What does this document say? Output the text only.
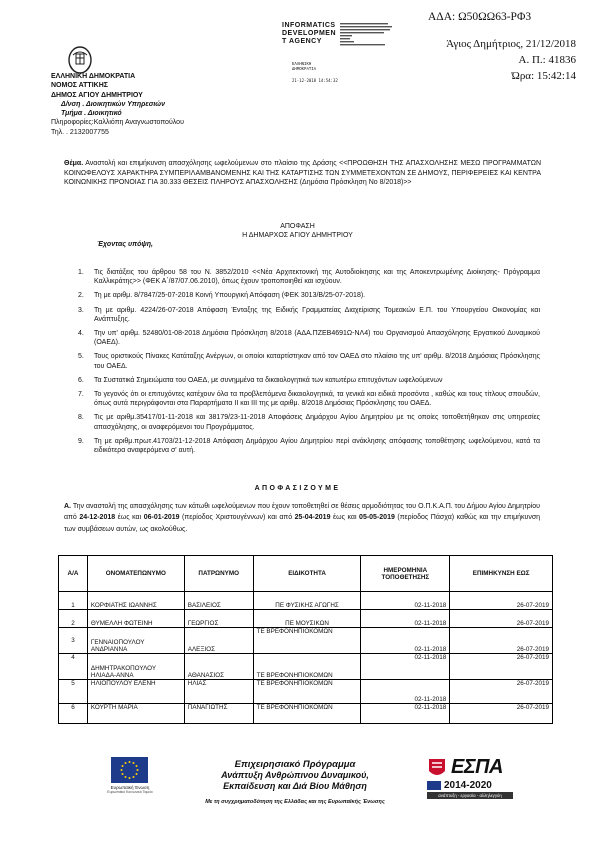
INFORMATICS
DEVELOPMEN
T AGENCY
ΕΛΛΗΝΙΚΗ
ΔΗΜΟΚΡΑΤΙΑ
21-12-2018 14:54:32
ΑΔΑ: Ω50ΩΩ63-ΡΦ3
Άγιος Δημήτριος, 21/12/2018
Α. Π.: 41836
Ώρα: 15:42:14
ΕΛΛΗΝΙΚΗ ΔΗΜΟΚΡΑΤΙΑ
ΝΟΜΟΣ ΑΤΤΙΚΗΣ
ΔΗΜΟΣ ΑΓΙΟΥ ΔΗΜΗΤΡΙΟΥ
Δ/νση . Διοικητικών Υπηρεσιών
Τμήμα . Διοικητικό
Πληροφορίες:Καλλιόπη Αναγνωστοπούλου
Τηλ. . 2132007755
Θέμα. Αναστολή και επιμήκυνση απασχόλησης ωφελούμενων στο πλαίσιο της Δράσης <<ΠΡΟΩΘΗΣΗ ΤΗΣ ΑΠΑΣΧΟΛΗΣΗΣ ΜΕΣΩ ΠΡΟΓΡΑΜΜΑΤΩΝ ΚΟΙΝΩΦΕΛΟΥΣ ΧΑΡΑΚΤΗΡΑ ΣΥΜΠΕΡΙΛΑΜΒΑΝΟΜΕΝΗΣ ΚΑΙ ΤΗΣ ΚΑΤΑΡΤΙΣΗΣ ΤΩΝ ΣΥΜΜΕΤΕΧΟΝΤΩΝ ΣΕ ΔΗΜΟΥΣ, ΠΕΡΙΦΕΡΕΙΕΣ ΚΑΙ ΚΕΝΤΡΑ ΚΟΙΝΩΝΙΚΗΣ ΠΡΟΝΟΙΑΣ ΓΙΑ 30.333 ΘΕΣΕΙΣ ΠΛΗΡΟΥΣ ΑΠΑΣΧΟΛΗΣΗΣ (Δημόσια Πρόσκληση Νο 8/2018)>>
ΑΠΟΦΑΣΗ
Η ΔΗΜΑΡΧΟΣ ΑΓΙΟΥ ΔΗΜΗΤΡΙΟΥ
Έχοντας υπόψη,
1. Τις διατάξεις του άρθρου 58 του Ν. 3852/2010 <<Νέα Αρχιτεκτονική της Αυτοδιοίκησης και της Αποκεντρωμένης Διοίκησης- Πρόγραμμα Καλλικράτης>> (ΦΕΚ Α΄/87/07.06.2010), όπως έχουν τροποποιηθεί και ισχύουν.
2. Τη με αριθμ. 8/7847/25-07-2018 Κοινή Υπουργική Απόφαση (ΦΕΚ 3013/Β/25-07-2018).
3. Τη με αριθμ. 4224/26-07-2018 Απόφαση Ένταξης της Ειδικής Γραμματείας Διαχείρισης Τομεακών Ε.Π. του Υπουργείου Οικονομίας και Ανάπτυξης.
4. Την υπ' αριθμ. 52480/01-08-2018 Δημόσια Πρόσκληση 8/2018 (ΑΔΑ.ΠΖΕΒ4691Ω-ΝΛ4) του Οργανισμού Απασχόλησης Εργατικού Δυναμικού (ΟΑΕΔ).
5. Τους οριστικούς Πίνακες Κατάταξης Ανέργων, οι οποίοι καταρτίστηκαν από τον ΟΑΕΔ στο πλαίσιο της υπ' αριθμ. 8/2018 Δημόσιας Πρόσκλησης του ΟΑΕΔ.
6. Τα Συστατικά Σημειώματα του ΟΑΕΔ, με συνημμένα τα δικαιολογητικά των κατωτέρω επιτυχόντων ωφελούμενων
7. Το γεγονός ότι οι επιτυχόντες κατέχουν όλα τα προβλεπόμενα δικαιολογητικά, τα γενικά και ειδικά προσόντα , καθώς και τους τίτλους σπουδών, όπως αυτά περιγράφονται στα Παραρτήματα ΙΙ και ΙΙΙ της με αριθμ. 8/2018 Δημόσιας Πρόσκλησης του ΟΑΕΔ.
8. Τις με αριθμ.35417/01-11-2018 και 38179/23-11-2018 Αποφάσεις Δημάρχου Αγίου Δημητρίου με τις οποίες τοποθετήθηκαν στις υπηρεσίες απασχόλησης, οι αναφερόμενοι του Προγράμματος.
9. Τη με αριθμ.πρωτ.41703/21-12-2018 Απόφαση Δημάρχου Αγίου Δημητρίου περί ανάκλησης απόφασης τοποθέτησης ωφελούμενου, κατά τα ειδικότερα αναφερόμενα σ' αυτή.
ΑΠΟΦΑΣΙΖΟΥΜΕ
Α. Την αναστολή της απασχόλησης των κάτωθι ωφελούμενων που έχουν τοποθετηθεί σε θέσεις αρμοδιότητας του Ο.Π.Κ.Α.Π. του Δήμου Αγίου Δημητρίου από 24-12-2018 έως και 06-01-2019 (περίοδος Χριστουγέννων) και από 25-04-2019 έως και 05-05-2019 (περίοδος Πάσχα) καθώς και την επιμήκυνση των συμβάσεων αυτών, ως ακολούθως.
Α/Α	ΟΝΟΜΑΤΕΠΩΝΥΜΟ	ΠΑΤΡΩΝΥΜΟ	ΕΙΔΙΚΟΤΗΤΑ	ΗΜΕΡΟΜΗΝΙΑ ΤΟΠΟΘΕΤΗΣΗΣ	ΕΠΙΜΗΚΥΝΣΗ ΕΩΣ
1	ΚΟΡΦΙΑΤΗΣ ΙΩΑΝΝΗΣ	ΒΑΣΙΛΕΙΟΣ	ΠΕ ΦΥΣΙΚΗΣ ΑΓΩΓΗΣ	02-11-2018	26-07-2019
2	ΘΥΜΕΛΛΗ ΦΩΤΕΙΝΗ	ΓΕΩΡΓΙΟΣ	ΠΕ ΜΟΥΣΙΚΩΝ	02-11-2018	26-07-2019
3	ΓΕΝΝΑΙΟΠΟΥΛΟΥ ΑΝΔΡΙΑΝΝΑ	ΑΛΕΞΙΟΣ	ΤΕ ΒΡΕΦΟΝΗΠΙΟΚΟΜΩΝ	02-11-2018	26-07-2019
4	ΔΗΜΗΤΡΑΚΟΠΟΥΛΟΥ ΗΛΙΑΔΑ-ΑΝΝΑ	ΑΘΑΝΑΣΙΟΣ	ΤΕ ΒΡΕΦΟΝΗΠΙΟΚΟΜΩΝ	02-11-2018	26-07-2019
5	ΗΛΙΟΠΟΥΛΟΥ ΕΛΕΝΗ	ΗΛΙΑΣ	ΤΕ ΒΡΕΦΟΝΗΠΙΟΚΟΜΩΝ	02-11-2018	26-07-2019
6	ΚΟΥΡΤΗ ΜΑΡΙΑ	ΠΑΝΑΓΙΩΤΗΣ	ΤΕ ΒΡΕΦΟΝΗΠΙΟΚΟΜΩΝ	02-11-2018	26-07-2019
Ευρωπαϊκή Ένωση
Ευρωπαϊκό Κοινωνικό Ταμείο
Επιχειρησιακό Πρόγραμμα
Ανάπτυξη Ανθρώπινου Δυναμικού,
Εκπαίδευση και Διά Βίου Μάθηση
Με τη συγχρηματοδότηση της Ελλάδας και της Ευρωπαϊκής Ένωσης
ΕΣΠΑ
2014-2020
ανάπτυξη - εργασία - αλληλεγγύη
